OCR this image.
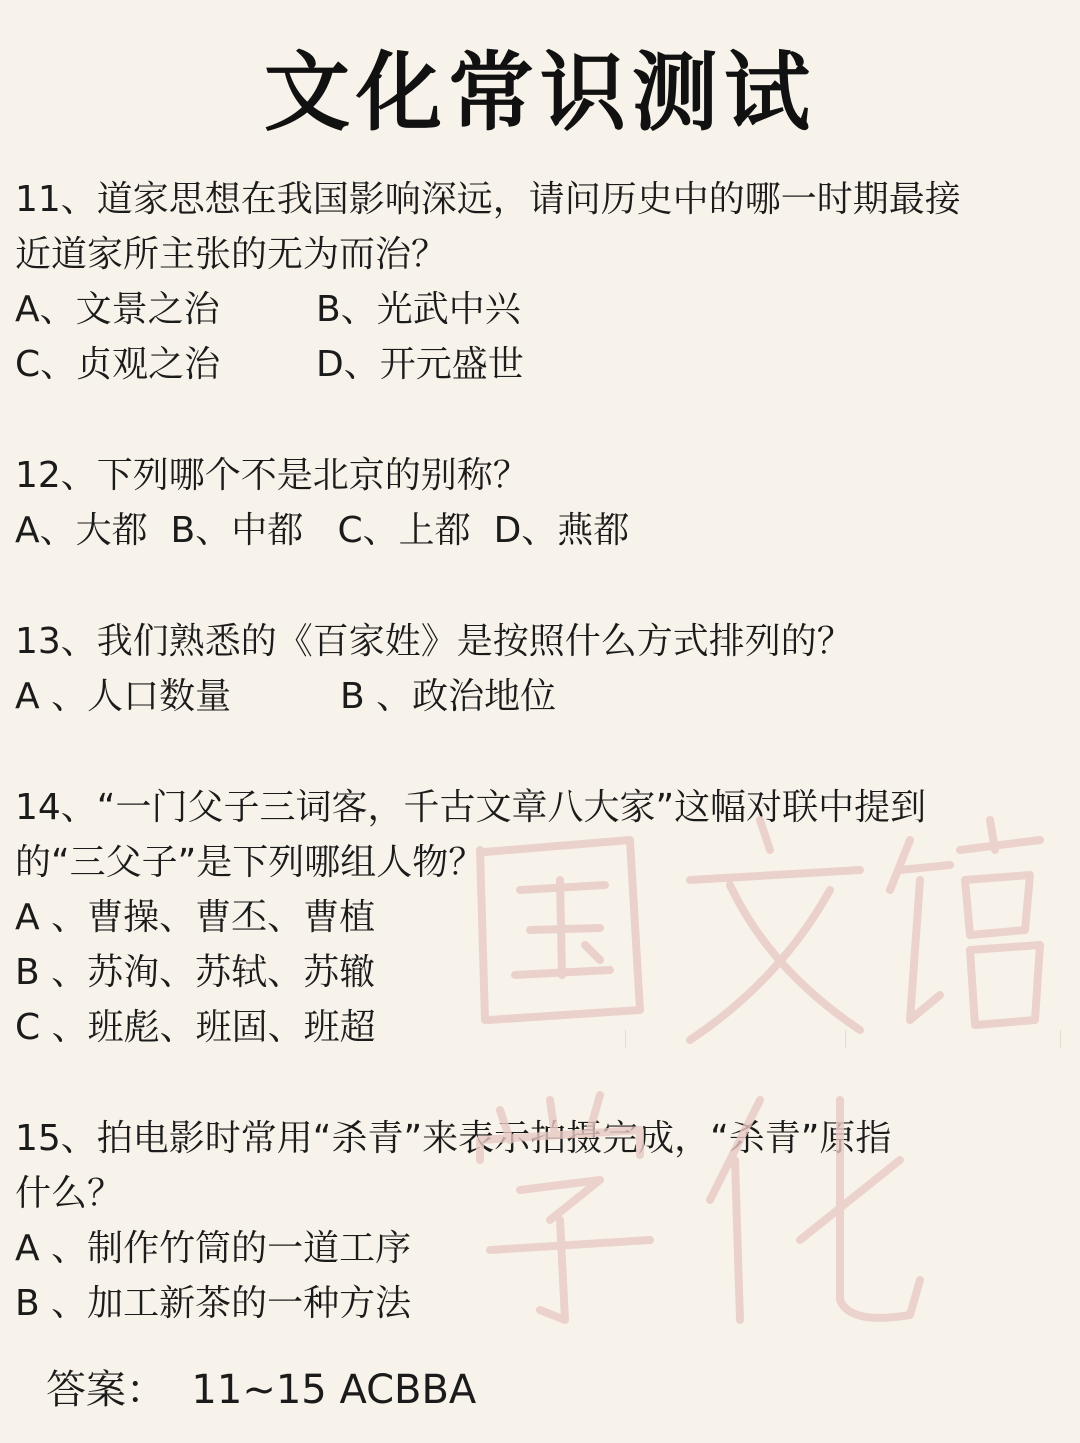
文化常识测试

11、道家思想在我国影响深远，请问历史中的哪一时期最接

近道家所主张的无为而治？

A、文景之治	B、光武中兴
C、贞观之治	D、开元盛世

12、下列哪个不是北京的别称？

A、大都  B、中都   C、上都  D、燕都

13、我们熟悉的《百家姓》是按照什么方式排列的？

A 、人口数量	B 、政治地位

14、“一门父子三词客，千古文章八大家”这幅对联中提到

的“三父子”是下列哪组人物？

A 、曹操、曹丕、曹植
B 、苏洵、苏轼、苏辙
C 、班彪、班固、班超

15、拍电影时常用“杀青”来表示拍摄完成，“杀青”原指

什么？

A 、制作竹筒的一道工序
B 、加工新茶的一种方法
答案：  11~15 ACBBA
